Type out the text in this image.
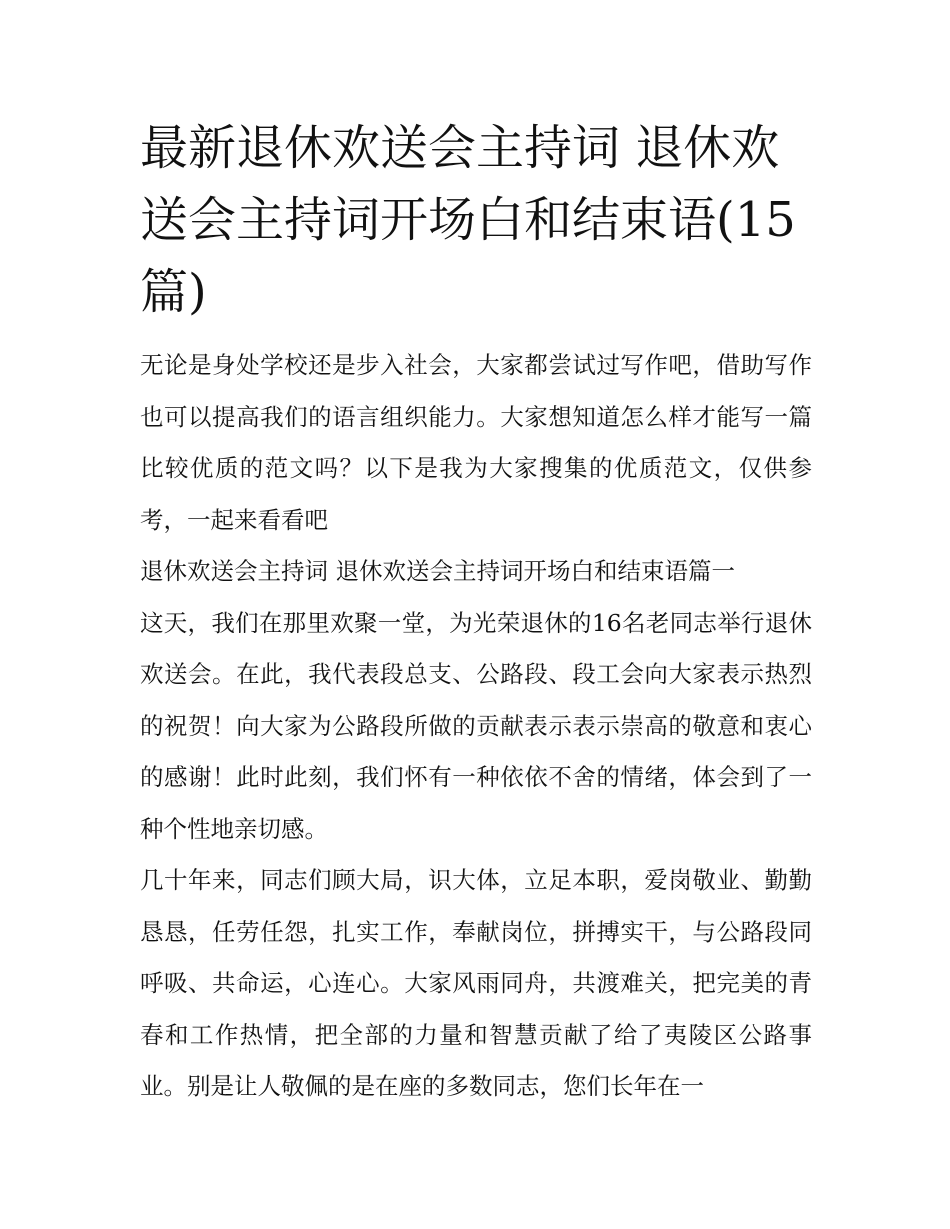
最新退休欢送会主持词 退休欢送会主持词开场白和结束语(15篇)

无论是身处学校还是步入社会，大家都尝试过写作吧，借助写作也可以提高我们的语言组织能力。大家想知道怎么样才能写一篇比较优质的范文吗？以下是我为大家搜集的优质范文，仅供参考，一起来看看吧

退休欢送会主持词 退休欢送会主持词开场白和结束语篇一

这天，我们在那里欢聚一堂，为光荣退休的16名老同志举行退休欢送会。在此，我代表段总支、公路段、段工会向大家表示热烈的祝贺！向大家为公路段所做的贡献表示表示崇高的敬意和衷心的感谢！此时此刻，我们怀有一种依依不舍的情绪，体会到了一种个性地亲切感。

几十年来，同志们顾大局，识大体，立足本职，爱岗敬业、勤勤恳恳，任劳任怨，扎实工作，奉献岗位，拼搏实干，与公路段同呼吸、共命运，心连心。大家风雨同舟，共渡难关，把完美的青春和工作热情，把全部的力量和智慧贡献了给了夷陵区公路事业。别是让人敬佩的是在座的多数同志，您们长年在一
